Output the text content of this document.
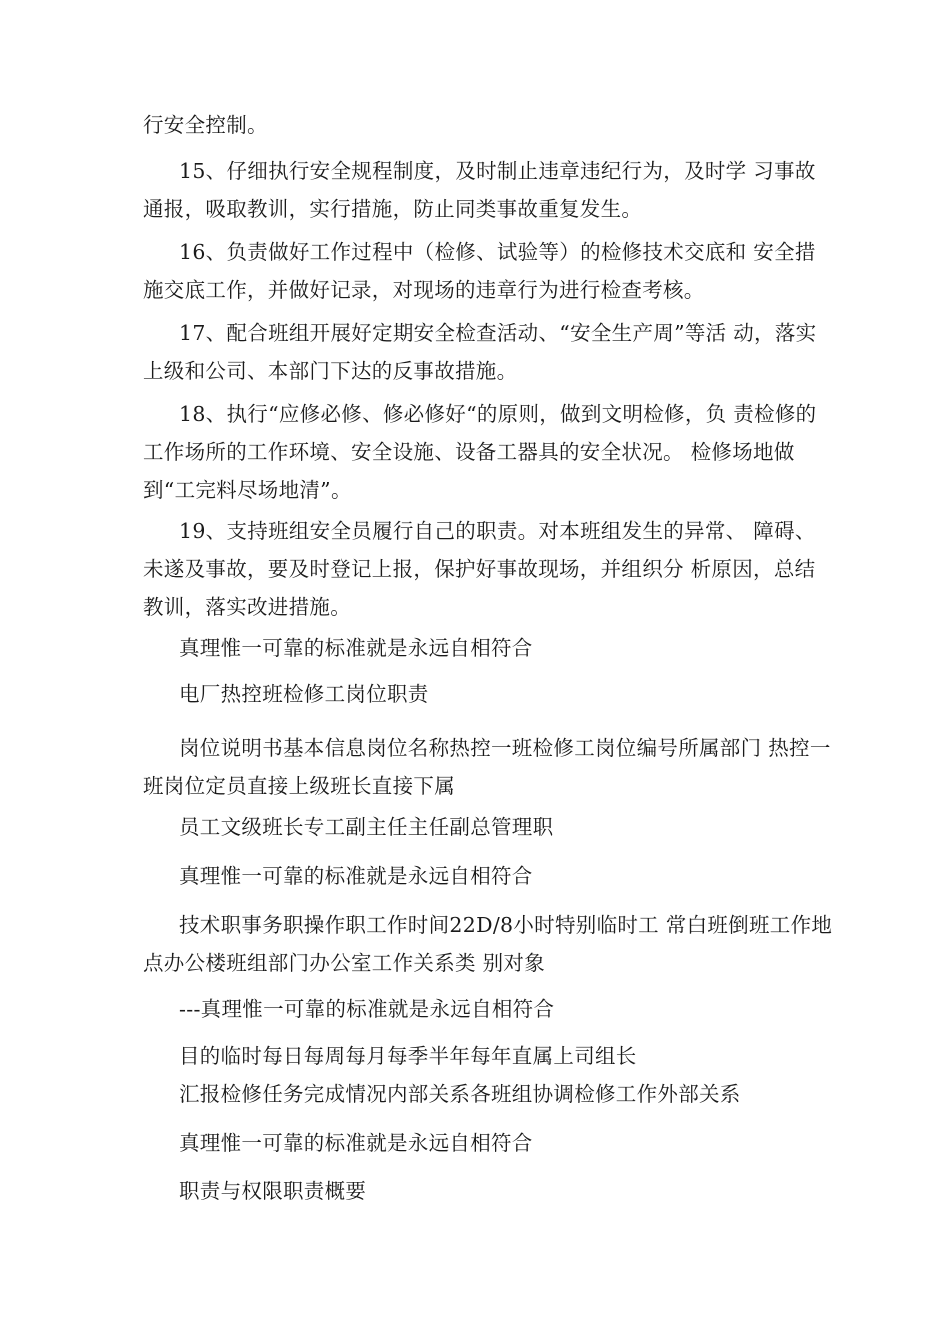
行安全控制。

15、仔细执行安全规程制度，及时制止违章违纪行为，及时学 习事故通报，吸取教训，实行措施，防止同类事故重复发生。

16、负责做好工作过程中（检修、试验等）的检修技术交底和 安全措施交底工作，并做好记录，对现场的违章行为进行检查考核。

17、配合班组开展好定期安全检查活动、“安全生产周”等活 动，落实上级和公司、本部门下达的反事故措施。

18、执行“应修必修、修必修好“的原则，做到文明检修，负 责检修的工作场所的工作环境、安全设施、设备工器具的安全状况。 检修场地做到“工完料尽场地清”。

19、支持班组安全员履行自己的职责。对本班组发生的异常、 障碍、未遂及事故，要及时登记上报，保护好事故现场，并组织分 析原因，总结教训，落实改进措施。

真理惟一可靠的标准就是永远自相符合

电厂热控班检修工岗位职责

岗位说明书基本信息岗位名称热控一班检修工岗位编号所属部门 热控一班岗位定员直接上级班长直接下属

员工文级班长专工副主任主任副总管理职

真理惟一可靠的标准就是永远自相符合

技术职事务职操作职工作时间22D/8小时特别临时工 常白班倒班工作地点办公楼班组部门办公室工作关系类 别对象

---真理惟一可靠的标准就是永远自相符合

目的临时每日每周每月每季半年每年直属上司组长

汇报检修任务完成情况内部关系各班组协调检修工作外部关系

真理惟一可靠的标准就是永远自相符合

职责与权限职责概要
